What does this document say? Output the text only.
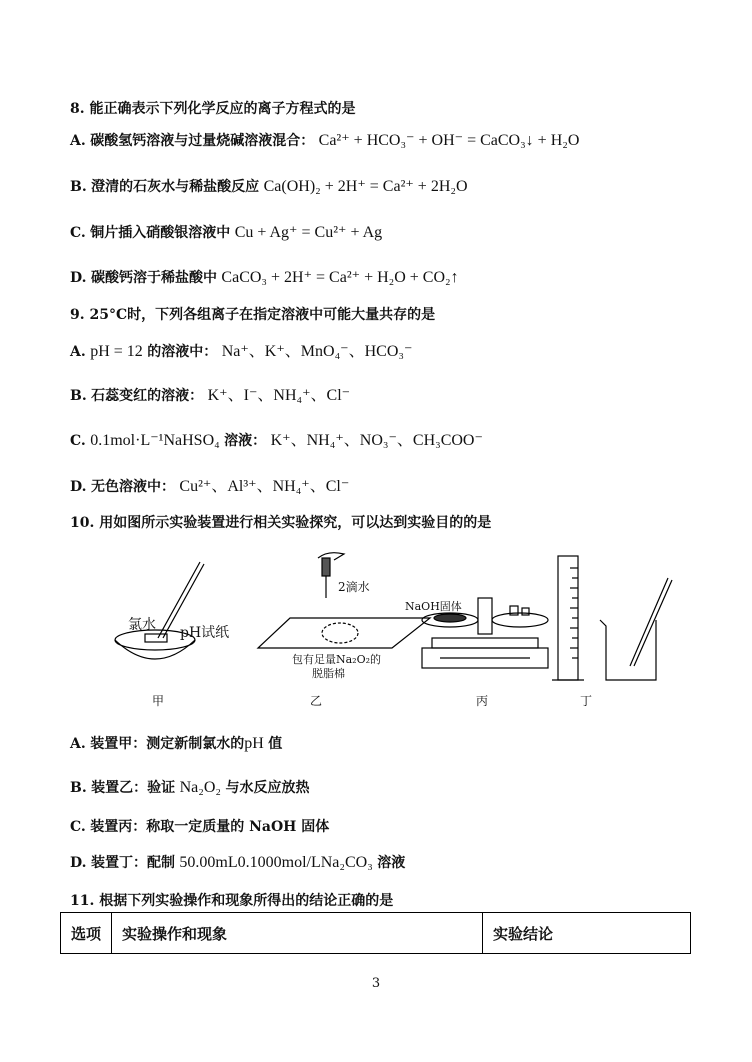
8. 能正确表示下列化学反应的离子方程式的是
A. 碳酸氢钙溶液与过量烧碱溶液混合： Ca²⁺ + HCO₃⁻ + OH⁻ = CaCO₃↓ + H₂O
B. 澄清的石灰水与稀盐酸反应 Ca(OH)₂ + 2H⁺ = Ca²⁺ + 2H₂O
C. 铜片插入硝酸银溶液中 Cu + Ag⁺ = Cu²⁺ + Ag
D. 碳酸钙溶于稀盐酸中 CaCO₃ + 2H⁺ = Ca²⁺ + H₂O + CO₂↑
9. 25°C时，下列各组离子在指定溶液中可能大量共存的是
A. pH = 12 的溶液中： Na⁺、K⁺、MnO₄⁻、HCO₃⁻
B. 石蕊变红的溶液： K⁺、I⁻、NH₄⁺、Cl⁻
C. 0.1mol·L⁻¹NaHSO₄ 溶液： K⁺、NH₄⁺、NO₃⁻、CH₃COO⁻
D. 无色溶液中： Cu²⁺、Al³⁺、NH₄⁺、Cl⁻
10. 用如图所示实验装置进行相关实验探究，可以达到实验目的的是
氯水 pH试纸
2滴水
包有足量Na₂O₂的
脱脂棉
NaOH固体
甲	乙	丙	丁
A. 装置甲：测定新制氯水的pH 值
B. 装置乙：验证 Na₂O₂ 与水反应放热
C. 装置丙：称取一定质量的 NaOH 固体
D. 装置丁：配制 50.00mL0.1000mol/LNa₂CO₃ 溶液
11. 根据下列实验操作和现象所得出的结论正确的是
选项	实验操作和现象	实验结论
3
